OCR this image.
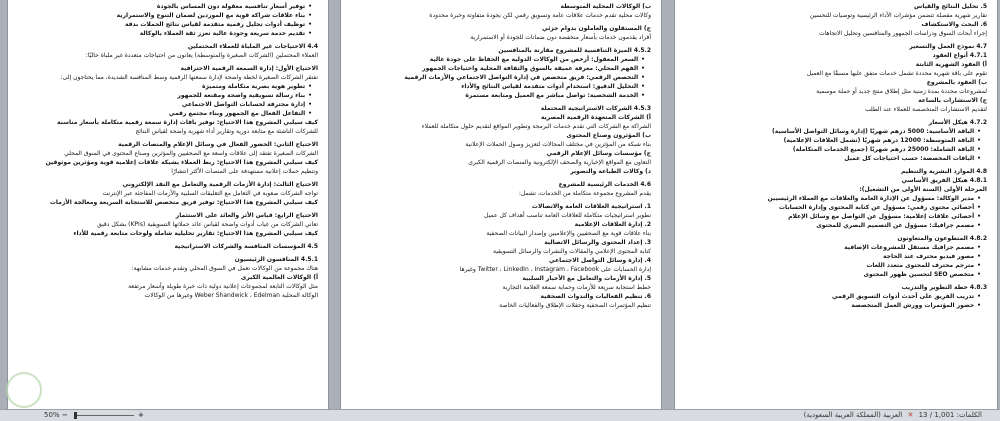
• توفير أسعار تنافسية معقولة دون المساس بالجودة
• بناء علاقات شراكة قوية مع الموردين لضمان التنوع والاستمرارية
• توظيف أدوات تحليل رقمية متقدمة لقياس نتائج الحملات بدقة
• تقديم خدمة سريعة وجودة عالية تعزز ثقة العملاء بالوكالة
4.4 الاحتياجات غير الملباة للعملاء المحتملين
العملاء المحتملين (الشركات الصغيرة والمتوسطة) يعانون من احتياجات متعددة غير ملباة حاليًا:
الاحتياج الأول: إدارة السمعة الرقمية الاحترافية
تفتقر الشركات الصغيرة لخطة واضحة لإدارة سمعتها الرقمية وسط المنافسة الشديدة، مما يحتاجون إلى:
• تطوير هوية بصرية متكاملة ومتميزة
• بناء رسالة تسويقية واضحة ومقنعة للجمهور
• إدارة محترفة لحسابات التواصل الاجتماعي
• التفاعل الفعال مع الجمهور وبناء مجتمع رقمي
كيف سيلبي المشروع هذا الاحتياج: توفير باقات إدارة سمعة رقمية متكاملة بأسعار مناسبة
للشركات الناشئة مع متابعة دورية وتقارير أداء شهرية واضحة لقياس النتائج
الاحتياج الثاني: الحضور الفعال في وسائل الإعلام والمنصات الرقمية
الشركات الصغيرة تفتقد إلى علاقات واسعة مع الصحفيين والمؤثرين وصناع المحتوى في السوق المحلي
كيف سيلبي المشروع هذا الاحتياج: ربط العملاء بشبكة علاقات إعلامية قوية ومؤثرين موثوقين
وتنظيم حملات إعلانية مستهدفة على المنصات الأكثر انتشارًا
الاحتياج الثالث: إدارة الأزمات الرقمية والتعامل مع النقد الإلكتروني
تواجه الشركات صعوبة في التعامل مع التعليقات السلبية والأزمات المفاجئة عبر الإنترنت
كيف سيلبي المشروع هذا الاحتياج: توفير فريق متخصص للاستجابة السريعة ومعالجة الأزمات
الاحتياج الرابع: قياس الأثر والعائد على الاستثمار
تعاني الشركات من غياب أدوات واضحة لقياس عائد حملاتها التسويقية (KPIs) بشكل دقيق
كيف سيلبي المشروع هذا الاحتياج: تقارير تحليلية شاملة ولوحات متابعة رقمية للأداء
4.5 المؤسسات المنافسة والشركات الاستراتيجية
4.5.1 المنافسون الرئيسيون
هناك مجموعة من الوكالات تعمل في السوق المحلي وتقدم خدمات مشابهة:
أ) الوكالات العالمية الكبرى
مثل الوكالات التابعة لمجموعات إعلانية دولية ذات خبرة طويلة وأسعار مرتفعة
الوكالة المحلية Weber Shandwick ، Edelman وغيرها من الوكالات
ب) الوكالات المحلية المتوسطة
وكالات محلية تقدم خدمات علاقات عامة وتسويق رقمي لكن بجودة متفاوتة وخبرة محدودة
ج) المستقلون والعاملون بدوام جزئي
أفراد يقدمون خدمات بأسعار منخفضة دون ضمانات للجودة أو الاستمرارية
4.5.2 الميزة التنافسية للمشروع مقارنة بالمنافسين
• السعر المعقول: أرخص من الوكالات الدولية مع الحفاظ على جودة عالية
• الفهم المحلي: معرفة عميقة بالسوق والثقافة المحلية واحتياجات الجمهور
• التخصص الرقمي: فريق متخصص في إدارة التواصل الاجتماعي والأزمات الرقمية
• التحليل الدقيق: استخدام أدوات متقدمة لقياس النتائج والأداء
• الخدمة الشخصية: تواصل مباشر مع العميل ومتابعة مستمرة
4.5.3 الشركات الاستراتيجية المحتملة
أ) الشركات المتعهدة الرقمية المصرية
الشراكة مع الشركات التي تقدم خدمات البرمجة وتطوير المواقع لتقديم حلول متكاملة للعملاء
ب) المؤثرون وصناع المحتوى
بناء شبكة من المؤثرين في مختلف المجالات لتعزيز وصول الحملات الإعلانية
ج) مؤسسات وسائل الإعلام الرقمي
التعاون مع المواقع الإخبارية والصحف الإلكترونية والمنصات الرقمية الكبرى
د) وكالات الطباعة والتصوير
4.6 الخدمات الرئيسية للمشروع
يقدم المشروع مجموعة متكاملة من الخدمات، تشمل:
1. استراتيجية العلاقات العامة والاتصالات
تطوير استراتيجيات متكاملة للعلاقات العامة تناسب أهداف كل عميل
2. إدارة العلاقات الإعلامية
بناء علاقات قوية مع الصحفيين والإعلاميين وإصدار البيانات الصحفية
3. إعداد المحتوى والرسائل الاتصالية
كتابة المحتوى الإعلامي والمقالات والنشرات والرسائل التسويقية
4. إدارة وسائل التواصل الاجتماعي
إدارة الحسابات على Twitter ، LinkedIn ، Instagram ، Facebook وغيرها
5. إدارة الأزمات والتعامل مع الأخبار السلبية
خطط استجابة سريعة للأزمات وحماية سمعة العلامة التجارية
6. تنظيم الفعاليات والندوات الصحفية
تنظيم المؤتمرات الصحفية وحفلات الإطلاق والفعاليات الخاصة
5. تحليل النتائج والقياس
تقارير شهرية مفصلة تتضمن مؤشرات الأداء الرئيسية وتوصيات للتحسين
6. البحث والاستكشاف
إجراء أبحاث السوق ودراسات الجمهور والمنافسين وتحليل الاتجاهات
4.7 نموذج العمل والتسعير
4.7.1 أنواع العقود
أ) العقود الشهرية الثابتة
تقوم على باقة شهرية محددة تشمل خدمات متفق عليها مسبقًا مع العميل
ب) العقود بالمشروع
لمشروعات محددة بمدة زمنية مثل إطلاق منتج جديد أو حملة موسمية
ج) الاستشارات بالساعة
لتقديم الاستشارات المتخصصة للعملاء عند الطلب
4.7.2 هيكل الأسعار
• الباقة الأساسية: 5000 درهم شهريًا (إدارة وسائل التواصل الأساسية)
• الباقة المتوسطة: 12000 درهم شهريًا (تشمل العلاقات الإعلامية)
• الباقة الشاملة: 25000 درهم شهريًا (جميع الخدمات المتكاملة)
• الباقات المخصصة: حسب احتياجات كل عميل
4.8 الموارد البشرية والتنظيم
4.8.1 هيكل الفريق الأساسي
المرحلة الأولى (السنة الأولى من التشغيل):
• مدير الوكالة: مسؤول عن الإدارة العامة والعلاقات مع العملاء الرئيسيين
• أخصائي محتوى رقمي: مسؤول عن كتابة المحتوى وإدارة الحسابات
• أخصائي علاقات إعلامية: مسؤول عن التواصل مع وسائل الإعلام
• مصمم جرافيك: مسؤول عن التصميم البصري للمحتوى
4.8.2 المتطوعون والمتعاونون
• مصمم جرافيك مستقل للمشروعات الإضافية
• مصور فيديو محترف عند الحاجة
• مترجم محترف للمحتوى متعدد اللغات
• متخصص SEO لتحسين ظهور المحتوى
4.8.3 خطة التطوير والتدريب
• تدريب الفريق على أحدث أدوات التسويق الرقمي
• حضور المؤتمرات وورش العمل المتخصصة
50% −	+	الكلمات: 1,001 / 13 ✕ العربية (المملكة العربية السعودية)
